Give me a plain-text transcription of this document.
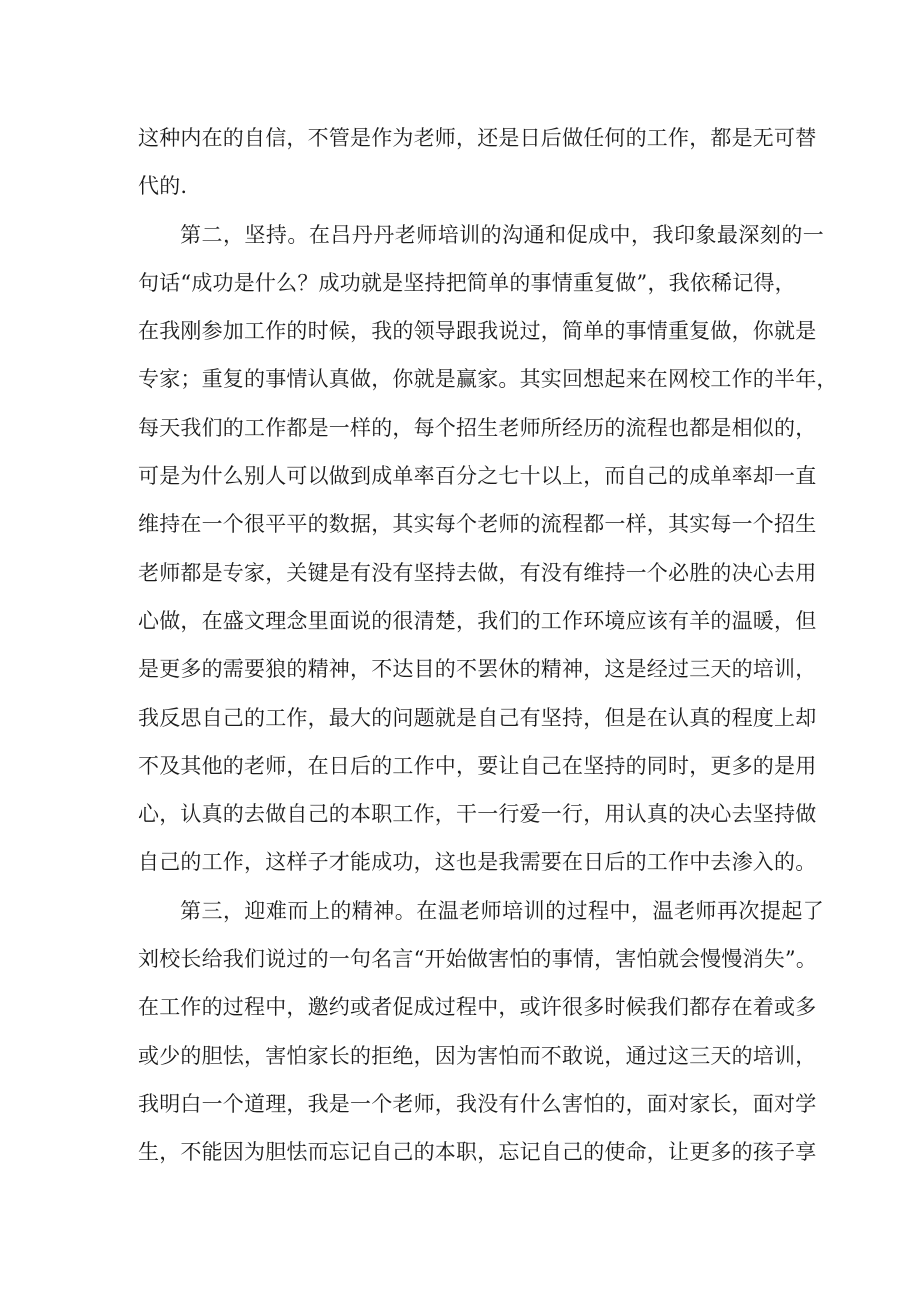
这种内在的自信，不管是作为老师，还是日后做任何的工作，都是无可替
代的.
第二，坚持。在吕丹丹老师培训的沟通和促成中，我印象最深刻的一
句话“成功是什么？成功就是坚持把简单的事情重复做”，我依稀记得，
在我刚参加工作的时候，我的领导跟我说过，简单的事情重复做，你就是
专家；重复的事情认真做，你就是赢家。其实回想起来在网校工作的半年，
每天我们的工作都是一样的，每个招生老师所经历的流程也都是相似的，
可是为什么别人可以做到成单率百分之七十以上，而自己的成单率却一直
维持在一个很平平的数据，其实每个老师的流程都一样，其实每一个招生
老师都是专家，关键是有没有坚持去做，有没有维持一个必胜的决心去用
心做，在盛文理念里面说的很清楚，我们的工作环境应该有羊的温暖，但
是更多的需要狼的精神，不达目的不罢休的精神，这是经过三天的培训，
我反思自己的工作，最大的问题就是自己有坚持，但是在认真的程度上却
不及其他的老师，在日后的工作中，要让自己在坚持的同时，更多的是用
心，认真的去做自己的本职工作，干一行爱一行，用认真的决心去坚持做
自己的工作，这样子才能成功，这也是我需要在日后的工作中去渗入的。
第三，迎难而上的精神。在温老师培训的过程中，温老师再次提起了
刘校长给我们说过的一句名言“开始做害怕的事情，害怕就会慢慢消失”。
在工作的过程中，邀约或者促成过程中，或许很多时候我们都存在着或多
或少的胆怯，害怕家长的拒绝，因为害怕而不敢说，通过这三天的培训，
我明白一个道理，我是一个老师，我没有什么害怕的，面对家长，面对学
生，不能因为胆怯而忘记自己的本职，忘记自己的使命，让更多的孩子享
